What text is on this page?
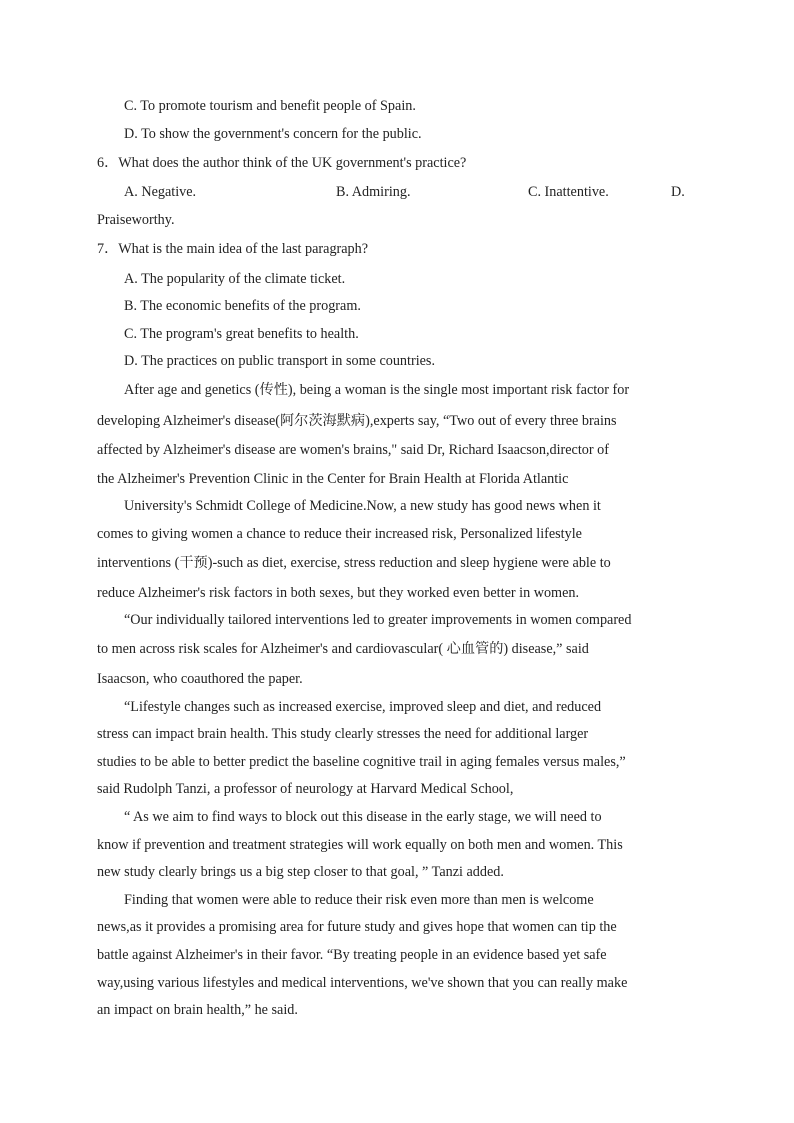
C. To promote tourism and benefit people of Spain.
D. To show the government's concern for the public.
6．What does the author think of the UK government's practice?
A. Negative.	B. Admiring.	C. Inattentive.	D.
Praiseworthy.
7．What is the main idea of the last paragraph?
A. The popularity of the climate ticket.
B. The economic benefits of the program.
C. The program's great benefits to health.
D. The practices on public transport in some countries.
After age and genetics (传性), being a woman is the single most important risk factor for
developing Alzheimer's disease(阿尔茨海默病),experts say, “Two out of every three brains
affected by Alzheimer's disease are women's brains," said Dr, Richard Isaacson,director of
the Alzheimer's Prevention Clinic in the Center for Brain Health at Florida Atlantic
University's Schmidt College of Medicine.Now, a new study has good news when it
comes to giving women a chance to reduce their increased risk, Personalized lifestyle
interventions (干预)-such as diet, exercise, stress reduction and sleep hygiene were able to
reduce Alzheimer's risk factors in both sexes, but they worked even better in women.
“Our individually tailored interventions led to greater improvements in women compared
to men across risk scales for Alzheimer's and cardiovascular( 心血管的) disease,” said
Isaacson, who coauthored the paper.
“Lifestyle changes such as increased exercise, improved sleep and diet, and reduced
stress can impact brain health. This study clearly stresses the need for additional larger
studies to be able to better predict the baseline cognitive trail in aging females versus males,”
said Rudolph Tanzi, a professor of neurology at Harvard Medical School,
“ As we aim to find ways to block out this disease in the early stage, we will need to
know if prevention and treatment strategies will work equally on both men and women. This
new study clearly brings us a big step closer to that goal, ” Tanzi added.
Finding that women were able to reduce their risk even more than men is welcome
news,as it provides a promising area for future study and gives hope that women can tip the
battle against Alzheimer's in their favor. “By treating people in an evidence based yet safe
way,using various lifestyles and medical interventions, we've shown that you can really make
an impact on brain health,” he said.
